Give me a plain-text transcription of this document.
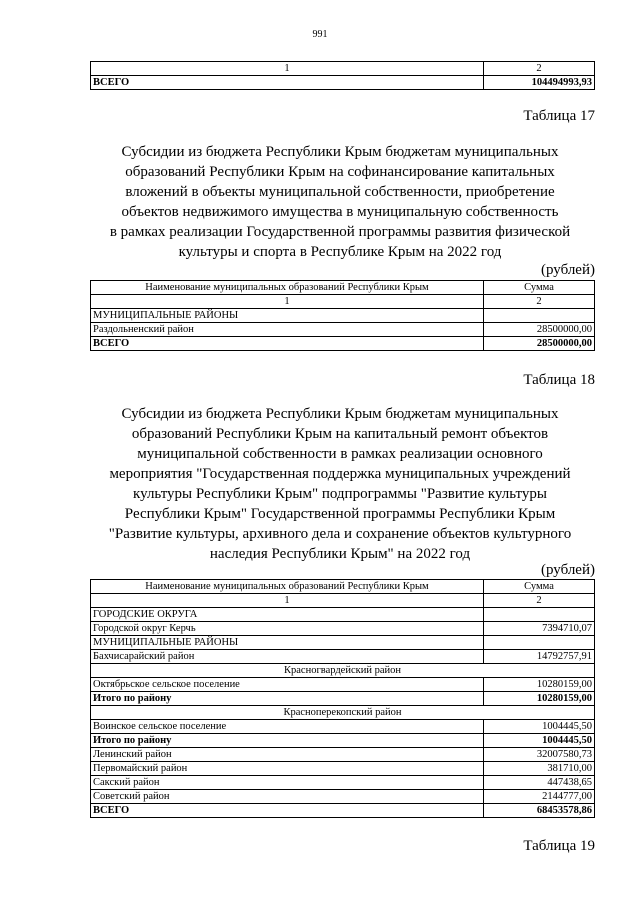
991
1	2
ВСЕГО	104494993,93
Таблица 17
Субсидии из бюджета Республики Крым бюджетам муниципальных
образований Республики Крым на софинансирование капитальных
вложений в объекты муниципальной собственности, приобретение
объектов недвижимого имущества в муниципальную собственность
в рамках реализации Государственной программы развития физической
культуры и спорта в Республике Крым на 2022 год
(рублей)
Наименование муниципальных образований Республики Крым	Сумма
1	2
МУНИЦИПАЛЬНЫЕ РАЙОНЫ	
Раздольненский район	28500000,00
ВСЕГО	28500000,00
Таблица 18
Субсидии из бюджета Республики Крым бюджетам муниципальных
образований Республики Крым на капитальный ремонт объектов
муниципальной собственности в рамках реализации основного
мероприятия "Государственная поддержка муниципальных учреждений
культуры Республики Крым" подпрограммы "Развитие культуры
Республики Крым" Государственной программы Республики Крым
"Развитие культуры, архивного дела и сохранение объектов культурного
наследия Республики Крым" на 2022 год
(рублей)
Наименование муниципальных образований Республики Крым	Сумма
1	2
ГОРОДСКИЕ ОКРУГА	
Городской округ Керчь	7394710,07
МУНИЦИПАЛЬНЫЕ РАЙОНЫ	
Бахчисарайский район	14792757,91
Красногвардейский район	
Октябрьское сельское поселение	10280159,00
Итого по району	10280159,00
Красноперекопский район	
Воинское сельское поселение	1004445,50
Итого по району	1004445,50
Ленинский район	32007580,73
Первомайский район	381710,00
Сакский район	447438,65
Советский район	2144777,00
ВСЕГО	68453578,86
Таблица 19
